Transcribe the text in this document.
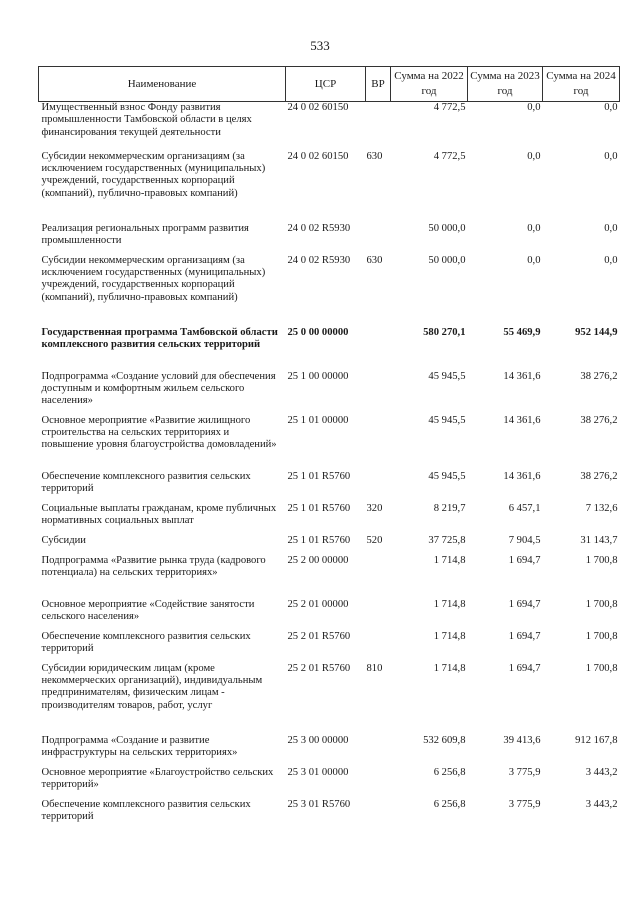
533
Наименование	ЦСР	ВР	Сумма на 2022 год	Сумма на 2023 год	Сумма на 2024 год
Имущественный взнос Фонду развития промышленности Тамбовской области в целях финансирования текущей деятельности	24 0 02 60150		4 772,5	0,0	0,0
Субсидии некоммерческим организациям (за исключением государственных (муниципальных) учреждений, государственных корпораций (компаний), публично-правовых компаний)	24 0 02 60150	630	4 772,5	0,0	0,0
Реализация региональных программ развития промышленности	24 0 02 R5930		50 000,0	0,0	0,0
Субсидии некоммерческим организациям (за исключением государственных (муниципальных) учреждений, государственных корпораций (компаний), публично-правовых компаний)	24 0 02 R5930	630	50 000,0	0,0	0,0
Государственная программа Тамбовской области комплексного развития сельских территорий	25 0 00 00000		580 270,1	55 469,9	952 144,9
Подпрограмма «Создание условий для обеспечения доступным и комфортным жильем сельского населения»	25 1 00 00000		45 945,5	14 361,6	38 276,2
Основное мероприятие «Развитие жилищного строительства на сельских территориях и повышение уровня благоустройства домовладений»	25 1 01 00000		45 945,5	14 361,6	38 276,2
Обеспечение комплексного развития сельских территорий	25 1 01 R5760		45 945,5	14 361,6	38 276,2
Социальные выплаты гражданам, кроме публичных нормативных социальных выплат	25 1 01 R5760	320	8 219,7	6 457,1	7 132,6
Субсидии	25 1 01 R5760	520	37 725,8	7 904,5	31 143,7
Подпрограмма «Развитие рынка труда (кадрового потенциала) на сельских территориях»	25 2 00 00000		1 714,8	1 694,7	1 700,8
Основное мероприятие «Содействие занятости сельского населения»	25 2 01 00000		1 714,8	1 694,7	1 700,8
Обеспечение комплексного развития сельских территорий	25 2 01 R5760		1 714,8	1 694,7	1 700,8
Субсидии юридическим лицам (кроме некоммерческих организаций), индивидуальным предпринимателям, физическим лицам - производителям товаров, работ, услуг	25 2 01 R5760	810	1 714,8	1 694,7	1 700,8
Подпрограмма «Создание и развитие инфраструктуры на сельских территориях»	25 3 00 00000		532 609,8	39 413,6	912 167,8
Основное мероприятие «Благоустройство сельских территорий»	25 3 01 00000		6 256,8	3 775,9	3 443,2
Обеспечение комплексного развития сельских территорий	25 3 01 R5760		6 256,8	3 775,9	3 443,2
